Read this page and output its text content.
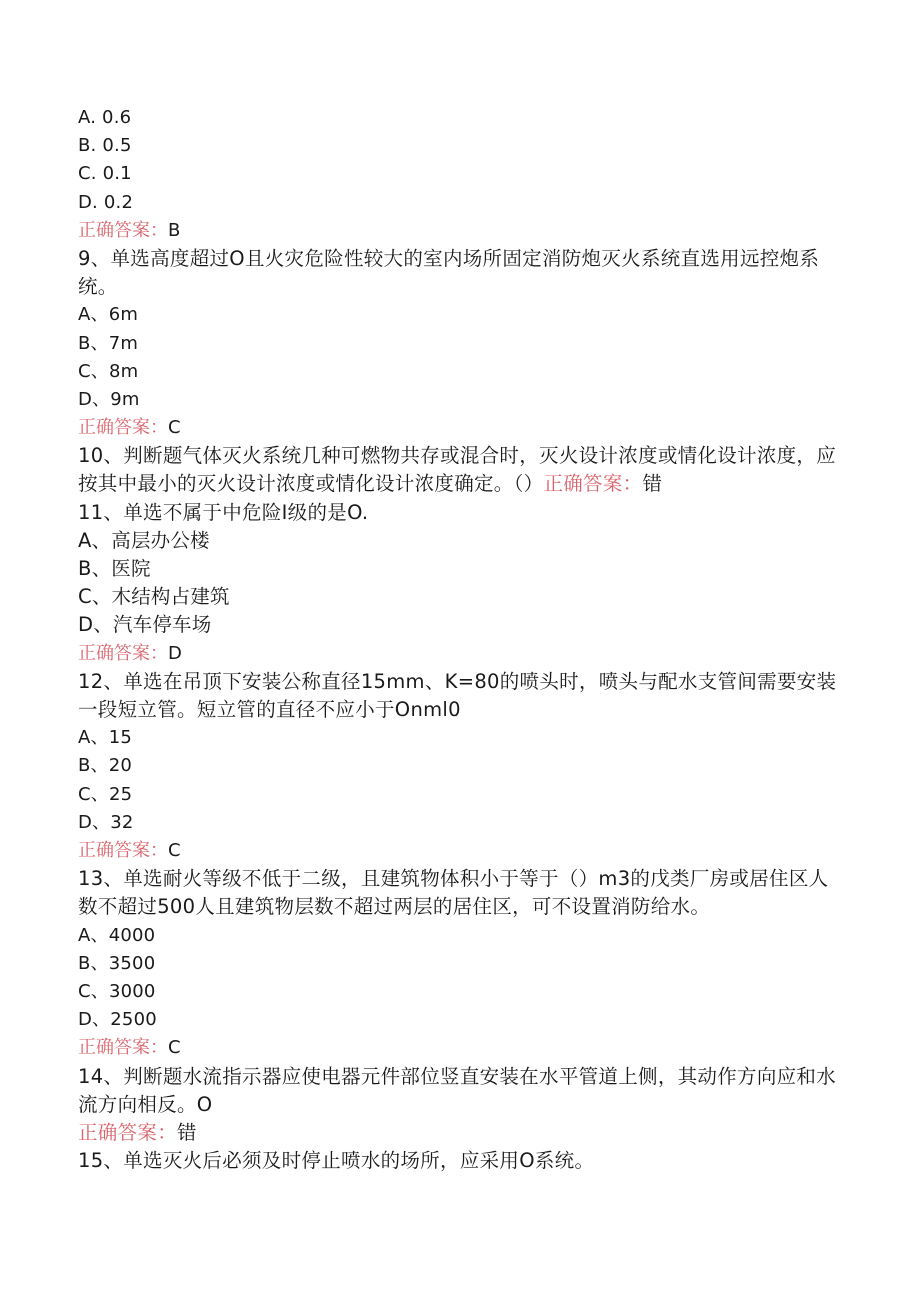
A. 0.6
B. 0.5
C. 0.1
D. 0.2
正确答案：B
9、单选高度超过O且火灾危险性较大的室内场所固定消防炮灭火系统直选用远控炮系统。
A、6m
B、7m
C、8m
D、9m
正确答案：C
10、判断题气体灭火系统几种可燃物共存或混合时，灭火设计浓度或情化设计浓度，应按其中最小的灭火设计浓度或情化设计浓度确定。（）正确答案：错
11、单选不属于中危险I级的是O.
A、高层办公楼
B、医院
C、木结构占建筑
D、汽车停车场
正确答案：D
12、单选在吊顶下安装公称直径15mm、K=80的喷头时，喷头与配水支管间需要安装一段短立管。短立管的直径不应小于Onml0
A、15
B、20
C、25
D、32
正确答案：C
13、单选耐火等级不低于二级，且建筑物体积小于等于（）m3的戊类厂房或居住区人数不超过500人且建筑物层数不超过两层的居住区，可不设置消防给水。
A、4000
B、3500
C、3000
D、2500
正确答案：C
14、判断题水流指示器应使电器元件部位竖直安装在水平管道上侧，其动作方向应和水流方向相反。O
正确答案：错
15、单选灭火后必须及时停止喷水的场所，应采用O系统。
